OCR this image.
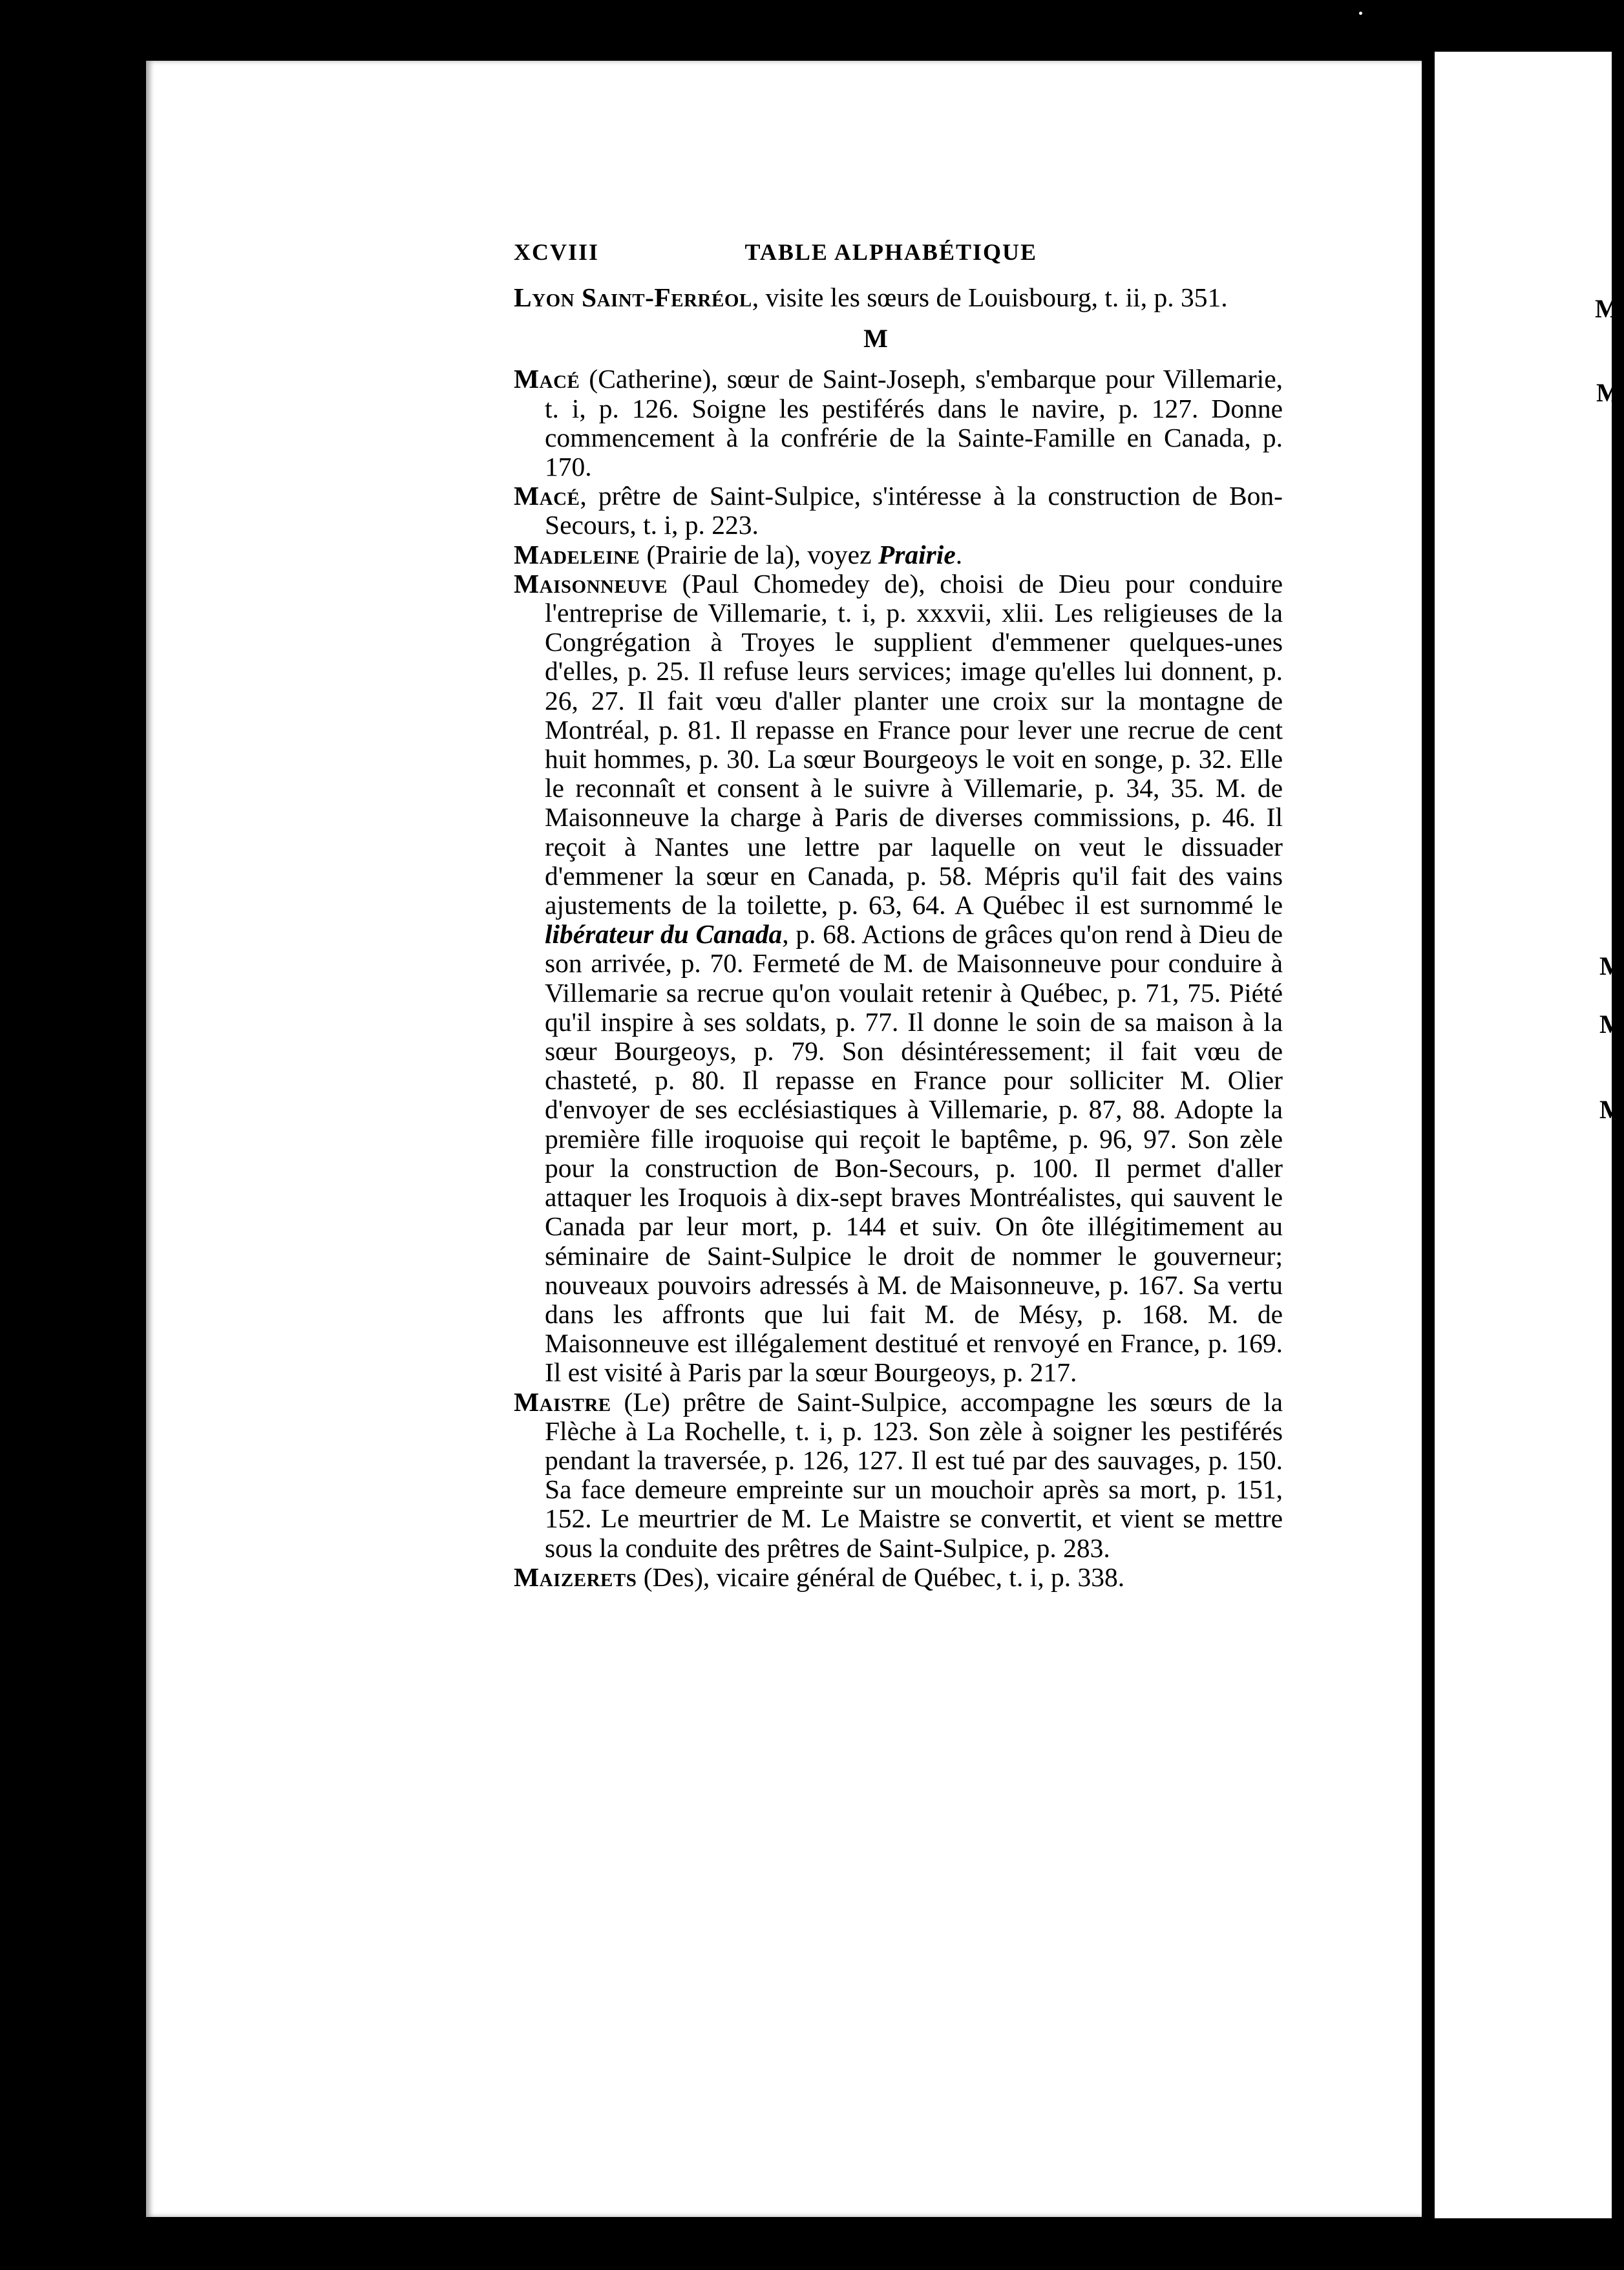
M
M
M
M
M
XCVIII	TABLE ALPHABÉTIQUE

Lyon Saint-Ferréol, visite les sœurs de Louisbourg, t. ii, p. 351.

M

Macé (Catherine), sœur de Saint-Joseph, s'embarque pour Villemarie, t. i, p. 126. Soigne les pestiférés dans le navire, p. 127. Donne commencement à la confrérie de la Sainte-Famille en Canada, p. 170.

Macé, prêtre de Saint-Sulpice, s'intéresse à la construction de Bon-Secours, t. i, p. 223.

Madeleine (Prairie de la), voyez Prairie.

Maisonneuve (Paul Chomedey de), choisi de Dieu pour conduire l'entreprise de Villemarie, t. i, p. xxxvii, xlii. Les religieuses de la Congrégation à Troyes le supplient d'emmener quelques-unes d'elles, p. 25. Il refuse leurs services; image qu'elles lui donnent, p. 26, 27. Il fait vœu d'aller planter une croix sur la montagne de Montréal, p. 81. Il repasse en France pour lever une recrue de cent huit hommes, p. 30. La sœur Bourgeoys le voit en songe, p. 32. Elle le reconnaît et consent à le suivre à Villemarie, p. 34, 35. M. de Maisonneuve la charge à Paris de diverses commissions, p. 46. Il reçoit à Nantes une lettre par laquelle on veut le dissuader d'emmener la sœur en Canada, p. 58. Mépris qu'il fait des vains ajustements de la toilette, p. 63, 64. A Québec il est surnommé le libérateur du Canada, p. 68. Actions de grâces qu'on rend à Dieu de son arrivée, p. 70. Fermeté de M. de Maisonneuve pour conduire à Villemarie sa recrue qu'on voulait retenir à Québec, p. 71, 75. Piété qu'il inspire à ses soldats, p. 77. Il donne le soin de sa maison à la sœur Bourgeoys, p. 79. Son désintéressement; il fait vœu de chasteté, p. 80. Il repasse en France pour solliciter M. Olier d'envoyer de ses ecclésiastiques à Villemarie, p. 87, 88. Adopte la première fille iroquoise qui reçoit le baptême, p. 96, 97. Son zèle pour la construction de Bon-Secours, p. 100. Il permet d'aller attaquer les Iroquois à dix-sept braves Montréalistes, qui sauvent le Canada par leur mort, p. 144 et suiv. On ôte illégitimement au séminaire de Saint-Sulpice le droit de nommer le gouverneur; nouveaux pouvoirs adressés à M. de Maisonneuve, p. 167. Sa vertu dans les affronts que lui fait M. de Mésy, p. 168. M. de Maisonneuve est illégalement destitué et renvoyé en France, p. 169. Il est visité à Paris par la sœur Bourgeoys, p. 217.

Maistre (Le) prêtre de Saint-Sulpice, accompagne les sœurs de la Flèche à La Rochelle, t. i, p. 123. Son zèle à soigner les pestiférés pendant la traversée, p. 126, 127. Il est tué par des sauvages, p. 150. Sa face demeure empreinte sur un mouchoir après sa mort, p. 151, 152. Le meurtrier de M. Le Maistre se convertit, et vient se mettre sous la conduite des prêtres de Saint-Sulpice, p. 283.

Maizerets (Des), vicaire général de Québec, t. i, p. 338.
